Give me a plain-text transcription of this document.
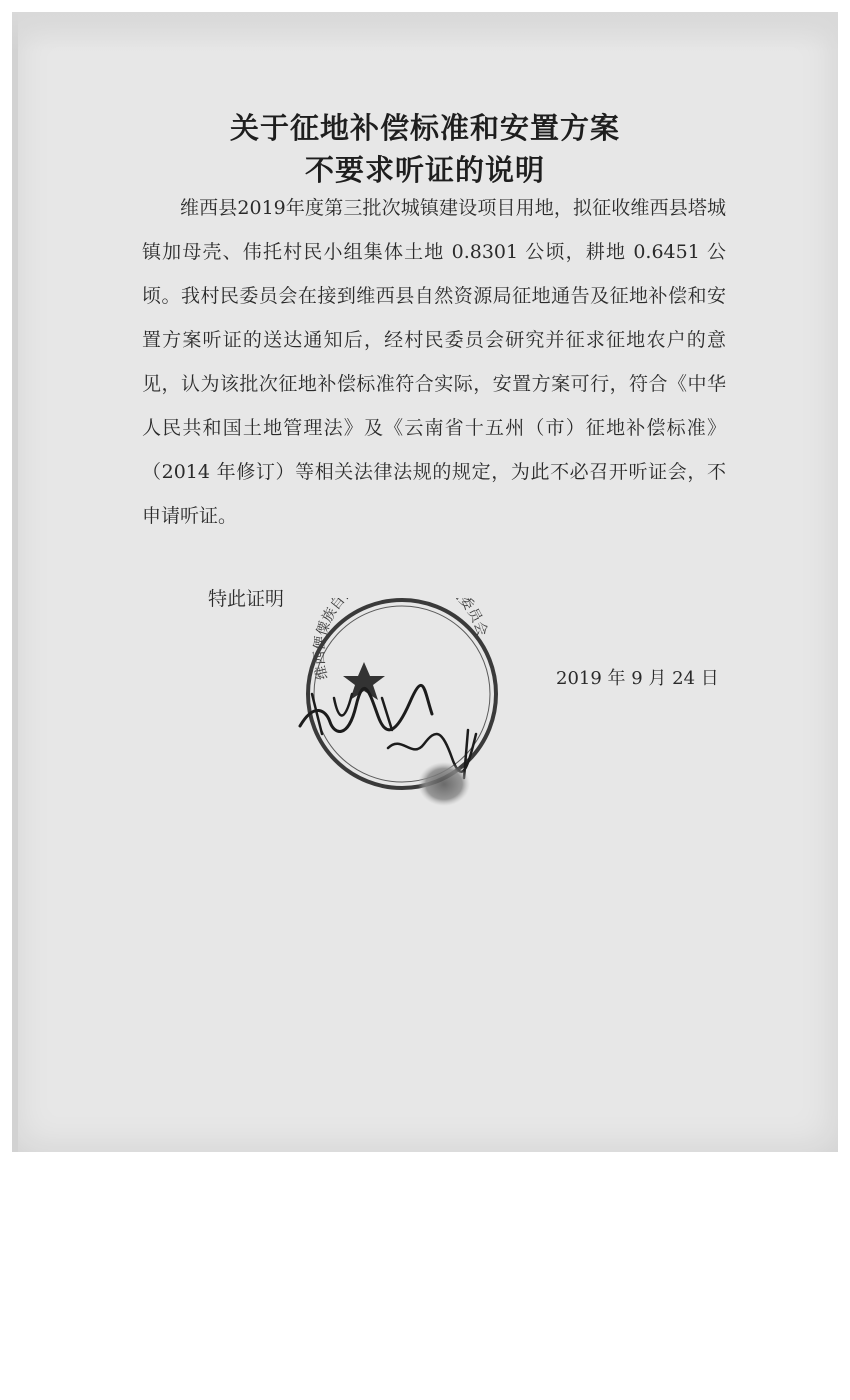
关于征地补偿标准和安置方案
不要求听证的说明

维西县2019年度第三批次城镇建设项目用地，拟征收维西县塔城镇加母壳、伟托村民小组集体土地 0.8301 公顷，耕地 0.6451 公顷。我村民委员会在接到维西县自然资源局征地通告及征地补偿和安置方案听证的送达通知后，经村民委员会研究并征求征地农户的意见，认为该批次征地补偿标准符合实际，安置方案可行，符合《中华人民共和国土地管理法》及《云南省十五州（市）征地补偿标准》（2014 年修订）等相关法律法规的规定，为此不必召开听证会，不申请听证。

特此证明

2019 年 9 月 24 日

维西傈僳族自 委员会
